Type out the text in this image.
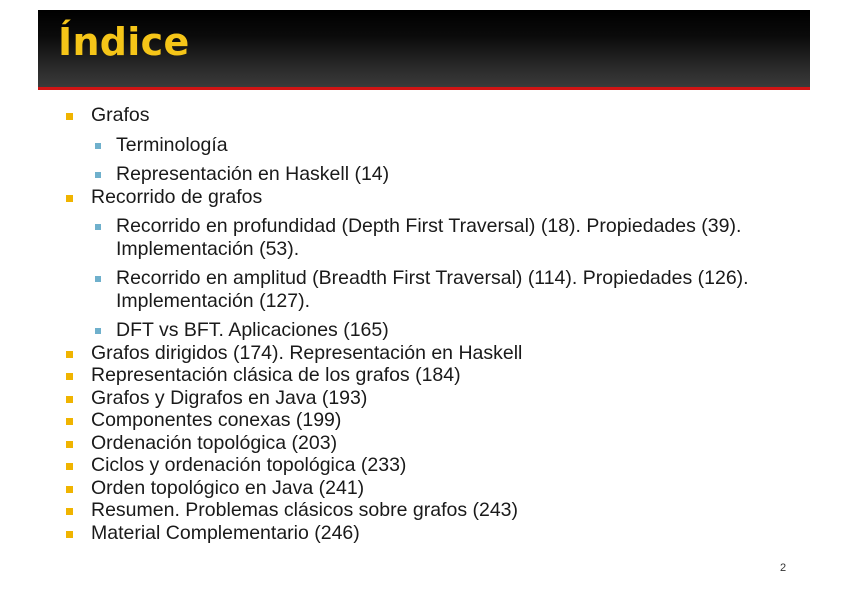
Índice
Grafos
Terminología
Representación en Haskell (14)
Recorrido de grafos
Recorrido en profundidad (Depth First Traversal) (18). Propiedades (39). Implementación (53).
Recorrido en amplitud (Breadth First Traversal) (114). Propiedades (126). Implementación (127).
DFT vs BFT. Aplicaciones (165)
Grafos dirigidos (174). Representación en Haskell
Representación clásica de los grafos (184)
Grafos y Digrafos en Java (193)
Componentes conexas (199)
Ordenación topológica (203)
Ciclos y ordenación topológica (233)
Orden topológico en Java (241)
Resumen. Problemas clásicos sobre grafos (243)
Material Complementario (246)
2
